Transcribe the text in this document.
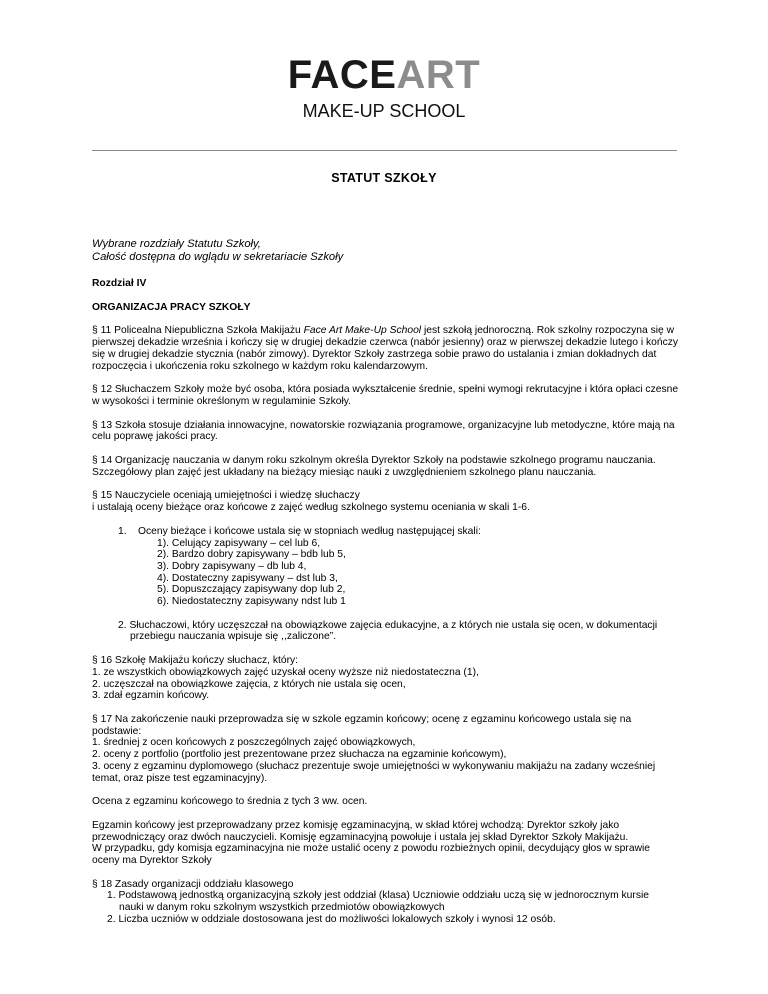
FACEART
MAKE-UP SCHOOL
STATUT SZKOŁY
Wybrane rozdziały Statutu Szkoły,
Całość dostępna do wglądu w sekretariacie Szkoły

Rozdział IV

ORGANIZACJA PRACY SZKOŁY

§ 11 Policealna Niepubliczna Szkoła Makijażu Face Art Make-Up School jest szkołą jednoroczną. Rok szkolny rozpoczyna się w pierwszej dekadzie września i kończy się w drugiej dekadzie czerwca (nabór jesienny) oraz w pierwszej dekadzie lutego i kończy się w drugiej dekadzie stycznia (nabór zimowy). Dyrektor Szkoły zastrzega sobie prawo do ustalania i zmian dokładnych dat rozpoczęcia i ukończenia roku szkolnego w każdym roku kalendarzowym.

§ 12 Słuchaczem Szkoły może być osoba, która posiada wykształcenie średnie, spełni wymogi rekrutacyjne i która opłaci czesne w wysokości i terminie określonym w regulaminie Szkoły.

§ 13 Szkoła stosuje działania innowacyjne, nowatorskie rozwiązania programowe, organizacyjne lub metodyczne, które mają na celu poprawę jakości pracy.

§ 14 Organizację nauczania w danym roku szkolnym określa Dyrektor Szkoły na podstawie szkolnego programu nauczania. Szczegółowy plan zajęć jest układany na bieżący miesiąc nauki z uwzględnieniem szkolnego planu nauczania.

§ 15 Nauczyciele oceniają umiejętności i wiedzę słuchaczy
i ustalają oceny bieżące oraz końcowe z zajęć według szkolnego systemu oceniania w skali 1-6.
1. Oceny bieżące i końcowe ustala się w stopniach według następującej skali:
1). Celujący zapisywany – cel lub 6,
2). Bardzo dobry zapisywany – bdb lub 5,
3). Dobry zapisywany – db lub 4,
4). Dostateczny zapisywany – dst lub 3,
5). Dopuszczający zapisywany dop lub 2,
6). Niedostateczny zapisywany ndst lub 1
2. Słuchaczowi, który uczęszczał na obowiązkowe zajęcia edukacyjne, a z których nie ustala się ocen, w dokumentacji
przebiegu nauczania wpisuje się ,,zaliczone”.
§ 16 Szkołę Makijażu kończy słuchacz, który:
1. ze wszystkich obowiązkowych zajęć uzyskał oceny wyższe niż niedostateczna (1),
2. uczęszczał na obowiązkowe zajęcia, z których nie ustala się ocen,
3. zdał egzamin końcowy.
§ 17 Na zakończenie nauki przeprowadza się w szkole egzamin końcowy; ocenę z egzaminu końcowego ustala się na
podstawie:
1. średniej z ocen końcowych z poszczególnych zajęć obowiązkowych,
2. oceny z portfolio (portfolio jest prezentowane przez słuchacza na egzaminie końcowym),
3. oceny z egzaminu dyplomowego (słuchacz prezentuje swoje umiejętności w wykonywaniu makijażu na zadany wcześniej
temat, oraz pisze test egzaminacyjny).

Ocena z egzaminu końcowego to średnia z tych 3 ww. ocen.

Egzamin końcowy jest przeprowadzany przez komisję egzaminacyjną, w skład której wchodzą: Dyrektor szkoły jako
przewodniczący oraz dwóch nauczycieli. Komisję egzaminacyjną powołuje i ustala jej skład Dyrektor Szkoły Makijażu.
W przypadku, gdy komisja egzaminacyjna nie może ustalić oceny z powodu rozbieżnych opinii, decydujący głos w sprawie
oceny ma Dyrektor Szkoły
§ 18 Zasady organizacji oddziału klasowego
1. Podstawową jednostką organizacyjną szkoły jest oddział (klasa) Uczniowie oddziału uczą się w jednorocznym kursie
nauki w danym roku szkolnym wszystkich przedmiotów obowiązkowych
2. Liczba uczniów w oddziale dostosowana jest do możliwości lokalowych szkoły i wynosi 12 osób.
